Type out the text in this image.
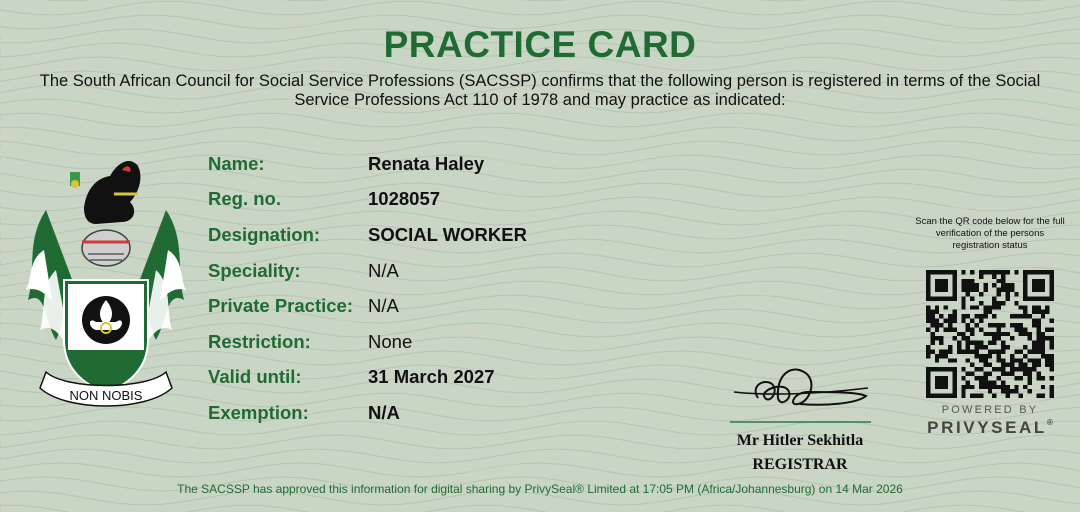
PRACTICE CARD
The South African Council for Social Service Professions (SACSSP) confirms that the following person is registered in terms of the Social Service Professions Act 110 of 1978 and may practice as indicated:
NON NOBIS
Name:	Renata Haley
Reg. no.	1028057
Designation:	SOCIAL WORKER
Speciality:	N/A
Private Practice: N/A
Restriction:	None
Valid until:	31 March 2027
Exemption:	N/A
Mr Hitler Sekhitla
REGISTRAR
Scan the QR code below for the full verification of the persons registration status
POWERED BY
PRIVYSEAL®
The SACSSP has approved this information for digital sharing by PrivySeal® Limited at 17:05 PM (Africa/Johannesburg) on 14 Mar 2026
